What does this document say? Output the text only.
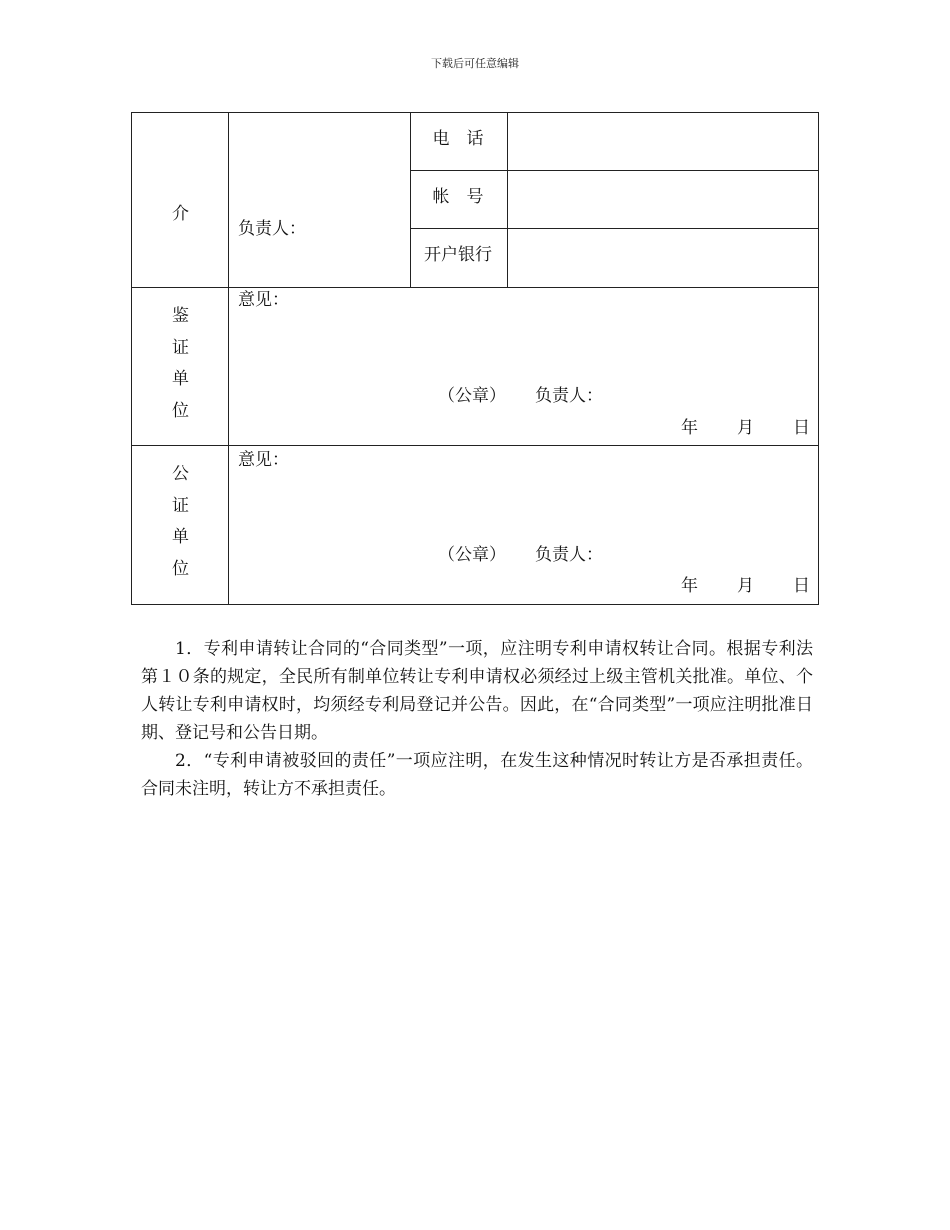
下载后可任意编辑
介
负责人：
电　话
帐　号
开户银行
鉴
证
单
位
意见：
（公章） 负责人：
年 月 日
公
证
单
位
意见：
（公章） 负责人：
年 月 日

1．专利申请转让合同的“合同类型”一项，应注明专利申请权转让合同。根据专利法第１０条的规定，全民所有制单位转让专利申请权必须经过上级主管机关批准。单位、个人转让专利申请权时，均须经专利局登记并公告。因此，在“合同类型”一项应注明批准日期、登记号和公告日期。

2．“专利申请被驳回的责任”一项应注明，在发生这种情况时转让方是否承担责任。合同未注明，转让方不承担责任。
